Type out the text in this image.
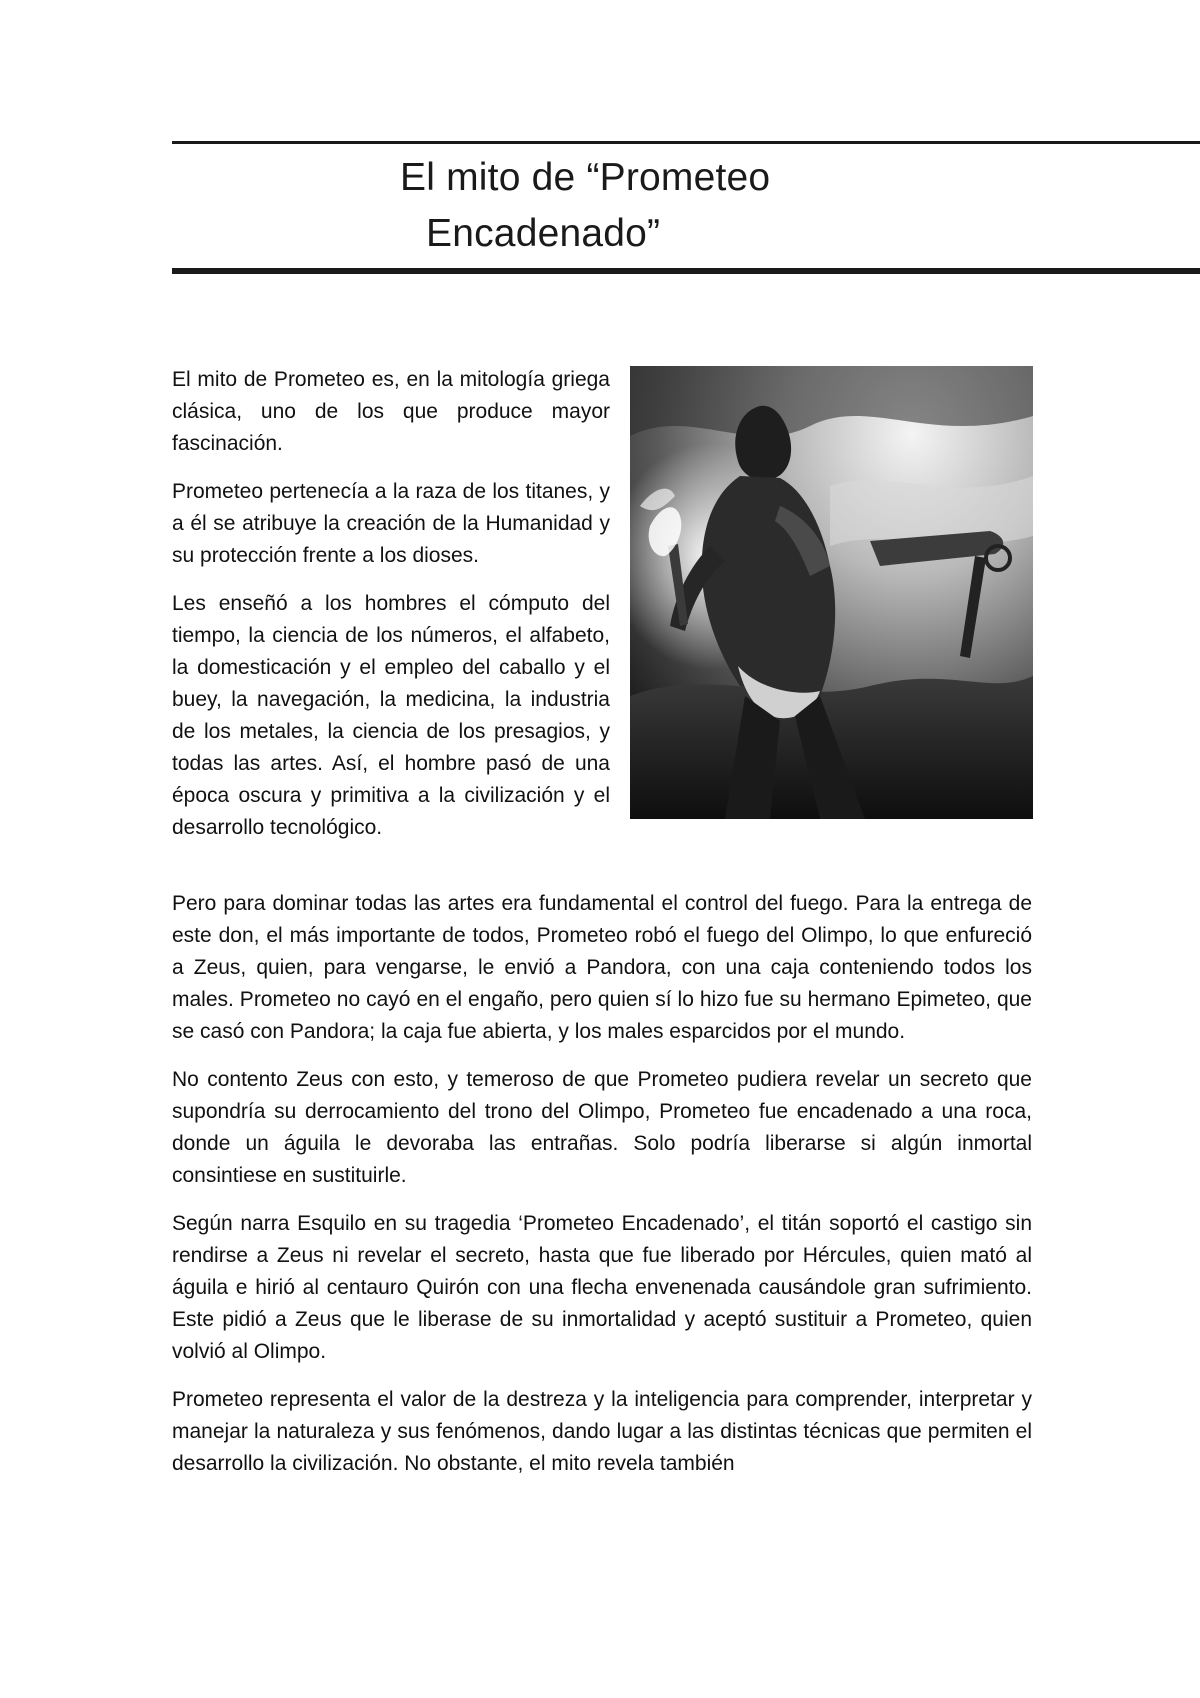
El mito de “Prometeo
Encadenado”

El mito de Prometeo es, en la mitología griega clásica, uno de los que produce mayor fascinación.

Prometeo pertenecía a la raza de los titanes, y a él se atribuye la creación de la Humanidad y su protección frente a los dioses.

Les enseñó a los hombres el cómputo del tiempo, la ciencia de los números, el alfabeto, la domesticación y el empleo del caballo y el buey, la navegación, la medicina, la industria de los metales, la ciencia de los presagios, y todas las artes. Así, el hombre pasó de una época oscura y primitiva a la civilización y el desarrollo tecnológico.

Pero para dominar todas las artes era fundamental el control del fuego. Para la entrega de este don, el más importante de todos, Prometeo robó el fuego del Olimpo, lo que enfureció a Zeus, quien, para vengarse, le envió a Pandora, con una caja conteniendo todos los males. Prometeo no cayó en el engaño, pero quien sí lo hizo fue su hermano Epimeteo, que se casó con Pandora; la caja fue abierta, y los males esparcidos por el mundo.

No contento Zeus con esto, y temeroso de que Prometeo pudiera revelar un secreto que supondría su derrocamiento del trono del Olimpo, Prometeo fue encadenado a una roca, donde un águila le devoraba las entrañas. Solo podría liberarse si algún inmortal consintiese en sustituirle.

Según narra Esquilo en su tragedia ‘Prometeo Encadenado’, el titán soportó el castigo sin rendirse a Zeus ni revelar el secreto, hasta que fue liberado por Hércules, quien mató al águila e hirió al centauro Quirón con una flecha envenenada causándole gran sufrimiento. Este pidió a Zeus que le liberase de su inmortalidad y aceptó sustituir a Prometeo, quien volvió al Olimpo.

Prometeo representa el valor de la destreza y la inteligencia para comprender, interpretar y manejar la naturaleza y sus fenómenos, dando lugar a las distintas técnicas que permiten el desarrollo la civilización. No obstante, el mito revela también
